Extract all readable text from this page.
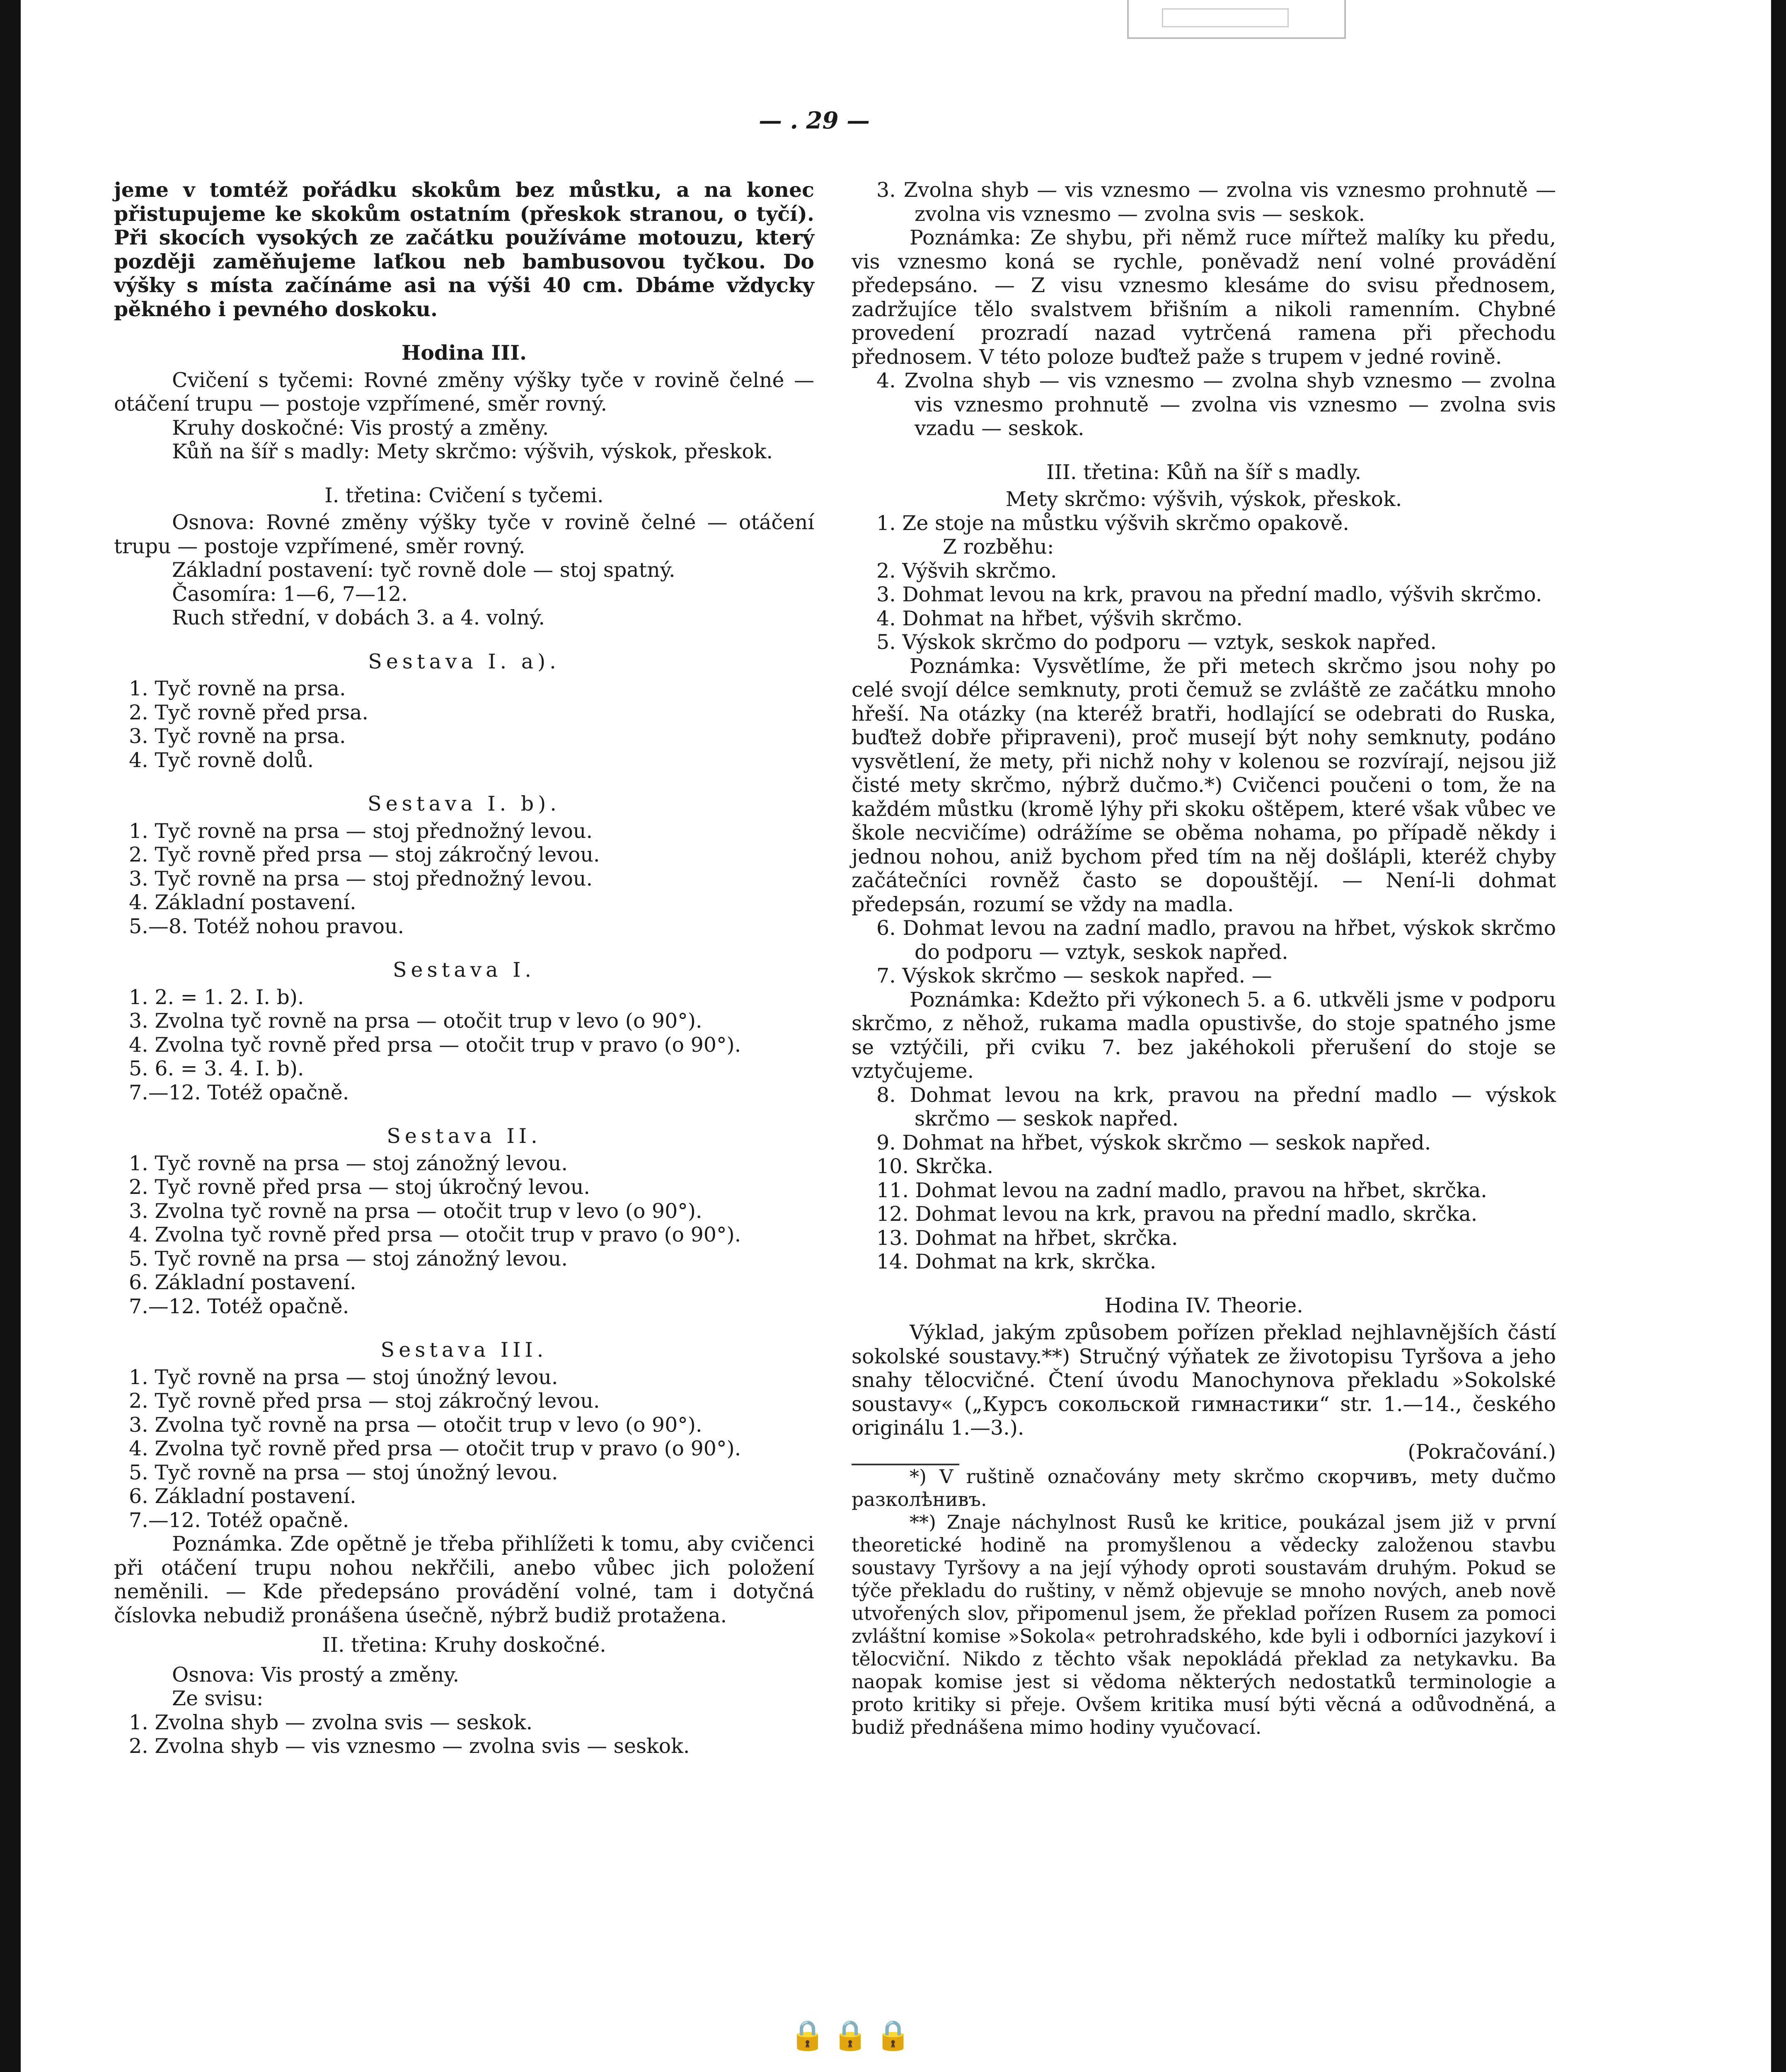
— . 29 —

jeme v tomtéž pořádku skokům bez můstku, a na konec přistupujeme ke skokům ostatním (přeskok stranou, o tyčí). Při skocích vysokých ze začátku používáme motouzu, který později zaměňujeme laťkou neb bambusovou tyčkou. Do výšky s místa začínáme asi na výši 40 cm. Dbáme vždycky pěkného i pevného doskoku.

Hodina III.

Cvičení s tyčemi: Rovné změny výšky tyče v rovině čelné — otáčení trupu — postoje vzpřímené, směr rovný.

Kruhy doskočné: Vis prostý a změny.

Kůň na šíř s madly: Mety skrčmo: výšvih, výskok, přeskok.

I. třetina: Cvičení s tyčemi.

Osnova: Rovné změny výšky tyče v rovině čelné — otáčení trupu — postoje vzpřímené, směr rovný.

Základní postavení: tyč rovně dole — stoj spatný.

Časomíra: 1—6, 7—12.

Ruch střední, v dobách 3. a 4. volný.

Sestava I. a).

1. Tyč rovně na prsa.
2. Tyč rovně před prsa.
3. Tyč rovně na prsa.
4. Tyč rovně dolů.

Sestava I. b).

1. Tyč rovně na prsa — stoj přednožný levou.
2. Tyč rovně před prsa — stoj zákročný levou.
3. Tyč rovně na prsa — stoj přednožný levou.
4. Základní postavení.
5.—8. Totéž nohou pravou.

Sestava I.

1. 2. = 1. 2. I. b).
3. Zvolna tyč rovně na prsa — otočit trup v levo (o 90°).
4. Zvolna tyč rovně před prsa — otočit trup v pravo (o 90°).
5. 6. = 3. 4. I. b).
7.—12. Totéž opačně.

Sestava II.

1. Tyč rovně na prsa — stoj zánožný levou.
2. Tyč rovně před prsa — stoj úkročný levou.
3. Zvolna tyč rovně na prsa — otočit trup v levo (o 90°).
4. Zvolna tyč rovně před prsa — otočit trup v pravo (o 90°).
5. Tyč rovně na prsa — stoj zánožný levou.
6. Základní postavení.
7.—12. Totéž opačně.

Sestava III.

1. Tyč rovně na prsa — stoj únožný levou.
2. Tyč rovně před prsa — stoj zákročný levou.
3. Zvolna tyč rovně na prsa — otočit trup v levo (o 90°).
4. Zvolna tyč rovně před prsa — otočit trup v pravo (o 90°).
5. Tyč rovně na prsa — stoj únožný levou.
6. Základní postavení.
7.—12. Totéž opačně.

Poznámka. Zde opětně je třeba přihlížeti k tomu, aby cvičenci při otáčení trupu nohou nekřčili, anebo vůbec jich položení neměnili. — Kde předepsáno provádění volné, tam i dotyčná číslovka nebudiž pronášena úsečně, nýbrž budiž protažena.

II. třetina: Kruhy doskočné.

Osnova: Vis prostý a změny.

Ze svisu:

1. Zvolna shyb — zvolna svis — seskok.
2. Zvolna shyb — vis vznesmo — zvolna svis — seskok.
3. Zvolna shyb — vis vznesmo — zvolna vis vznesmo prohnutě — zvolna vis vznesmo — zvolna svis — seskok.

Poznámka: Ze shybu, při němž ruce mířtež malíky ku předu, vis vznesmo koná se rychle, poněvadž není volné provádění předepsáno. — Z visu vznesmo klesáme do svisu přednosem, zadržujíce tělo svalstvem břišním a nikoli ramenním. Chybné provedení prozradí nazad vytrčená ramena při přechodu přednosem. V této poloze buďtež paže s trupem v jedné rovině.

4. Zvolna shyb — vis vznesmo — zvolna shyb vznesmo — zvolna vis vznesmo prohnutě — zvolna vis vznesmo — zvolna svis vzadu — seskok.

III. třetina: Kůň na šíř s madly.

Mety skrčmo: výšvih, výskok, přeskok.

1. Ze stoje na můstku výšvih skrčmo opakově.

Z rozběhu:

2. Výšvih skrčmo.
3. Dohmat levou na krk, pravou na přední madlo, výšvih skrčmo.
4. Dohmat na hřbet, výšvih skrčmo.
5. Výskok skrčmo do podporu — vztyk, seskok napřed.

Poznámka: Vysvětlíme, že při metech skrčmo jsou nohy po celé svojí délce semknuty, proti čemuž se zvláště ze začátku mnoho hřeší. Na otázky (na kteréž bratři, hodlající se odebrati do Ruska, buďtež dobře připraveni), proč musejí být nohy semknuty, podáno vysvětlení, že mety, při nichž nohy v kolenou se rozvírají, nejsou již čisté mety skrčmo, nýbrž dučmo.*) Cvičenci poučeni o tom, že na každém můstku (kromě lýhy při skoku oštěpem, které však vůbec ve škole necvičíme) odrážíme se oběma nohama, po případě někdy i jednou nohou, aniž bychom před tím na něj došlápli, kteréž chyby začátečníci rovněž často se dopouštějí. — Není-li dohmat předepsán, rozumí se vždy na madla.

6. Dohmat levou na zadní madlo, pravou na hřbet, výskok skrčmo do podporu — vztyk, seskok napřed.
7. Výskok skrčmo — seskok napřed. —

Poznámka: Kdežto při výkonech 5. a 6. utkvěli jsme v podporu skrčmo, z něhož, rukama madla opustivše, do stoje spatného jsme se vztýčili, při cviku 7. bez jakéhokoli přerušení do stoje se vztyčujeme.

8. Dohmat levou na krk, pravou na přední madlo — výskok skrčmo — seskok napřed.
9. Dohmat na hřbet, výskok skrčmo — seskok napřed.
10. Skrčka.
11. Dohmat levou na zadní madlo, pravou na hřbet, skrčka.
12. Dohmat levou na krk, pravou na přední madlo, skrčka.
13. Dohmat na hřbet, skrčka.
14. Dohmat na krk, skrčka.

Hodina IV. Theorie.

Výklad, jakým způsobem pořízen překlad nejhlavnějších částí sokolské soustavy.**) Stručný výňatek ze životopisu Tyršova a jeho snahy tělocvičné. Čtení úvodu Manochynova překladu »Sokolské soustavy« („Курсъ сокольской гимнастики“ str. 1.—14., českého originálu 1.—3.).

(Pokračování.)

*) V ruštině označovány mety skrčmo скорчивъ, mety dučmo разколѣнивъ.

**) Znaje náchylnost Rusů ke kritice, poukázal jsem již v první theoretické hodině na promyšlenou a vědecky založenou stavbu soustavy Tyršovy a na její výhody oproti soustavám druhým. Pokud se týče překladu do ruštiny, v němž objevuje se mnoho nových, aneb nově utvořených slov, připomenul jsem, že překlad pořízen Rusem za pomoci zvláštní komise »Sokola« petrohradského, kde byli i odborníci jazykoví i tělocviční. Nikdo z těchto však nepokládá překlad za netykavku. Ba naopak komise jest si vědoma některých nedostatků terminologie a proto kritiky si přeje. Ovšem kritika musí býti věcná a odůvodněná, a budiž přednášena mimo hodiny vyučovací.

🔒🔒🔒
